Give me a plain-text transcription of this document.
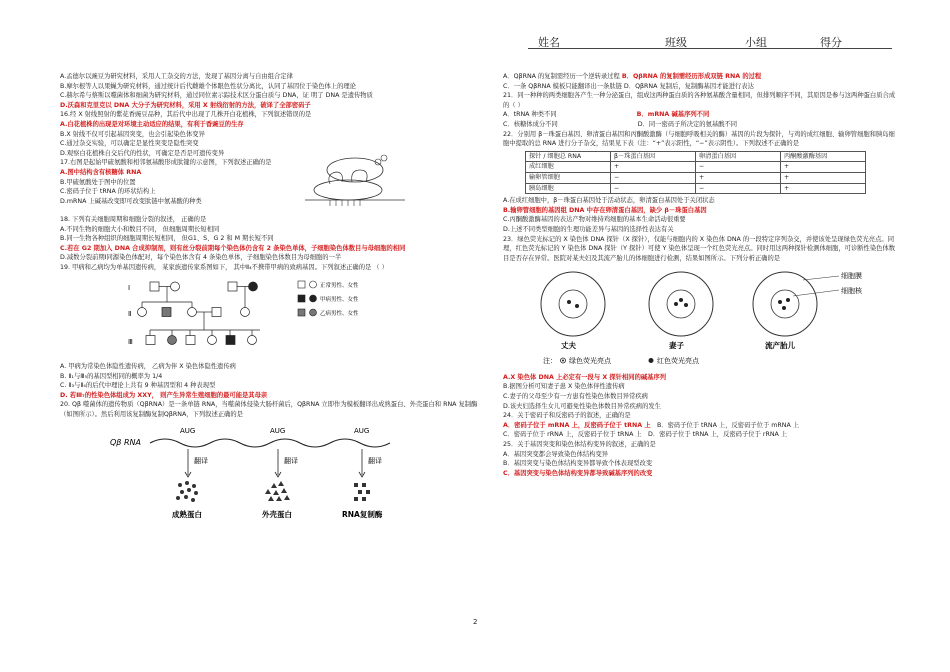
姓名	班级	小组	得分

A.孟德尔以豌豆为研究材料，采用人工杂交的方法，发现了基因分离与自由组合定律

B.摩尔根等人以果蝇为研究材料，通过统计后代雌雄个体眼色性状分离比，认同了基因位于染色体上的理论

C.赫尔希与蔡斯以噬菌体和细菌为研究材料，通过同位素示踪技术区分蛋白质与 DNA，证 明了 DNA 是遗传物质

D.沃森和克里克以 DNA 大分子为研究材料，采用 X 射线衍射的方法，破译了全部密码子

16.经 X 射线照射的紫花香豌豆品种，其后代中出现了几株开白花植株，下列叙述错误的是

A.白花植株的出现是对环境主动适应的结果，有利于香豌豆的生存

B.X 射线不仅可引起基因突变，也会引起染色体变异

C.通过杂交实验，可以确定是显性突变是隐性突变

D.观察白花植株自交后代的性状，可确定是否是可遗传变异

17.右图是起始甲硫氨酸和相邻氨基酸形成肽键的示意图，下列叙述正确的是

A.图中结构含有核糖体 RNA

B.甲硫氨酸处于图中的位置

C.密码子位于 tRNA 的环状结构上

D.mRNA 上碱基改变即可改变肽链中氨基酸的种类

18. 下列有关细胞周期和细胞分裂的叙述， 正确的是

A.不同生物的细胞大小和数目不同， 但细胞周期长短相同

B.同一生物各种组织的细胞周期长短相同， 但G1、S、G 2 和 M 期长短不同

C.若在 G2 期加入 DNA 合成抑制剂，则有丝分裂前期每个染色体仍含有 2 条染色单体，子细胞染色体数目与母细胞的相同

D.减数分裂前期Ⅰ同源染色体配对，每个染色体含有 4 条染色单体，子细胞染色体数目为母细胞的一半

19. 甲病和乙病均为单基因遗传病， 某家族遗传家系图如下， 其中Ⅱ₄不携带甲病的致病基因。下列叙述正确的是 （ ）

Ⅰ
Ⅱ
Ⅲ
正常男性、女性
甲病男性、女性
乙病男性、女性

A. 甲病为常染色体隐性遗传病， 乙病为伴 X 染色体隐性遗传病

B. Ⅱ₁与Ⅲ₅的基因型相同的概率为 1/4

C. Ⅱ₃与Ⅱ₄的后代中理论上共有 9 种基因型和 4 种表现型

D. 若Ⅲ₇的性染色体组成为 XXY， 则产生异常生殖细胞的最可能是其母亲

20. Qβ 噬菌体的遗传物质（QβRNA）是一条单链 RNA，当噬菌体侵染大肠杆菌后，QβRNA 立即作为模板翻译出成熟蛋白、外壳蛋白和 RNA 复制酶（如图所示）。然后利用该复制酶复制QβRNA，下列叙述正确的是

Qβ RNA
AUG	AUG	AUG
翻译	翻译	翻译
成熟蛋白	外壳蛋白	RNA复制酶

A．QβRNA 的复制需经历一个逆转录过程 B．QβRNA 的复制需经历形成双链 RNA 的过程

C．一条 QβRNA 模板只能翻译出一条肽链 D．QβRNA 复制后，复制酶基因才能进行表达

21．同一种种的两类细胞各产生一种分泌蛋白，组成这两种蛋白质的各种氨基酸含量相同，但排列顺序不同，其原因是参与这两种蛋白质合成的（ ）

A．tRNA 种类不同	B．mRNA 碱基序列不同

C．核糖体成分不同	D．同一密码子所决定的氨基酸不同

22．分别用 β－珠蛋白基因、卵清蛋白基因和丙酮酸激酶（与细胞呼吸相关的酶）基因的片段为探针，与鸡的成红细胞、输卵管细胞和胰岛细胞中提取的总 RNA 进行分子杂交，结果见下表（注：“+”表示阳性，“−”表示阴性）。下列叙述不正确的是

探针 / 细胞总 RNA	β－珠蛋白基因	卵清蛋白基因	丙酮酸激酶基因
成红细胞	+	−	+
输卵管细胞	−	+	+
胰岛细胞	−	−	+

A.在成红细胞中，β－珠蛋白基因处于活动状态，卵清蛋白基因处于关闭状态

B.输卵管细胞的基因组 DNA 中存在卵清蛋白基因，缺少 β－珠蛋白基因

C.丙酮酸激酶基因的表达产物对维持鸡细胞的基本生命活动很重要

D.上述不同类型细胞的生理功能差异与基因的选择性表达有关

23．绿色荧光标记的 X 染色体 DNA 探针（X 探针），仅能与细胞内的 X 染色体 DNA 的一段特定序列杂交，并使该处呈现绿色荧光亮点。同理，红色荧光标记的 Y 染色体 DNA 探针（Y 探针）可使 Y 染色体呈现一个红色荧光亮点。同时用这两种探针检测体细胞，可诊断性染色体数目是否存在异常。医院对某夫妇及其流产胎儿的体细胞进行检测，结果如图所示。下列分析正确的是

细胞膜
细胞核
丈夫	妻子	流产胎儿
注： 绿色荧光亮点	红色荧光亮点

A.X 染色体 DNA 上必定有一段与 X 探针相同的碱基序列

B.据图分析可知妻子患 X 染色体伴性遗传病

C.妻子的父母至少有一方患有性染色体数目异常疾病

D.该夫妇选择生女儿可避免性染色体数目异常疾病的发生

24．关于密码子和反密码子的叙述，正确的是

A．密码子位于 mRNA 上，反密码子位于 tRNA 上　 B．密码子位于 tRNA 上，反密码子位于 mRNA 上

C．密码子位于 rRNA 上，反密码子位于 tRNA 上　 D．密码子位于 tRNA 上，反密码子位于 rRNA 上

25．关于基因突变和染色体结构变异的叙述，正确的是

A．基因突变都会导致染色体结构变异

B．基因突变与染色体结构变异都导致个体表现型改变

C．基因突变与染色体结构变异都导致碱基序列的改变

2
